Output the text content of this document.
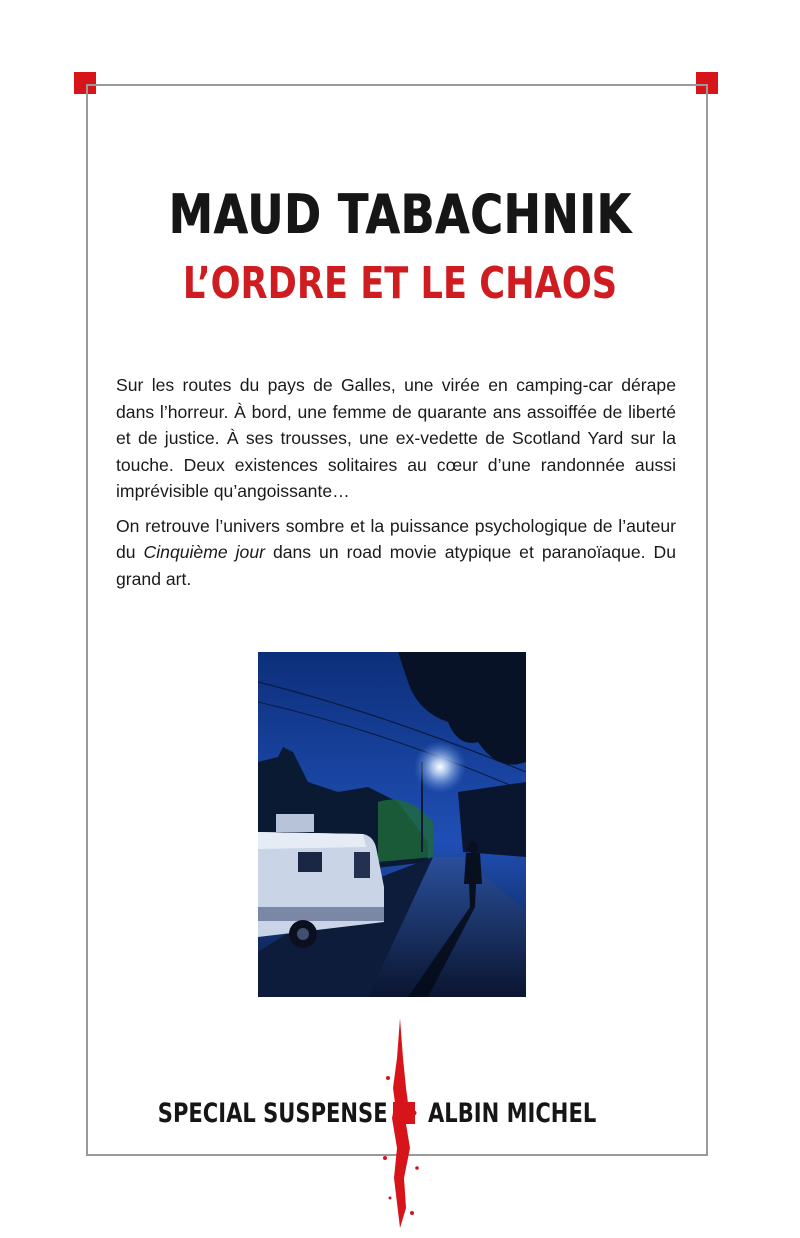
MAUD TABACHNIK
L’ORDRE ET LE CHAOS

Sur les routes du pays de Galles, une virée en camping-car dérape dans l’horreur. À bord, une femme de quarante ans assoiffée de liberté et de justice. À ses trousses, une ex-vedette de Scotland Yard sur la touche. Deux existences solitaires au cœur d’une randonnée aussi imprévisible qu’angoissante…

On retrouve l’univers sombre et la puissance psychologique de l’auteur du Cinquième jour dans un road movie atypique et paranoïaque. Du grand art.

SPECIAL SUSPENSE ALBIN MICHEL
